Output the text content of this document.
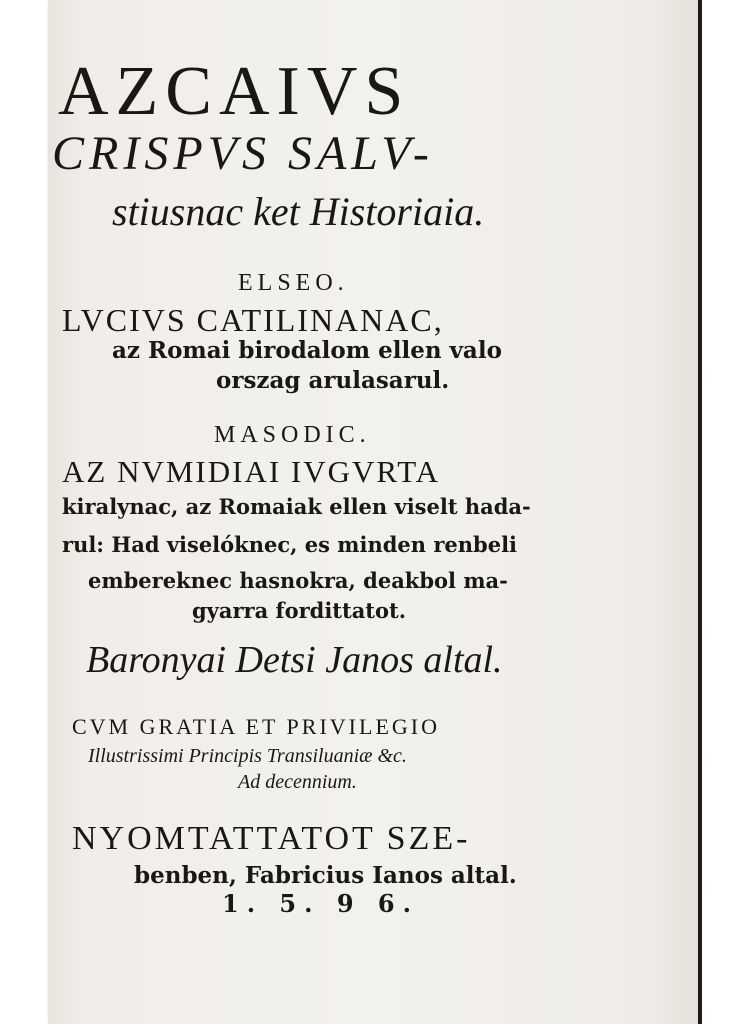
AZCAIVS
CRISPVS SALV-
stiusnac ket Historiaia.
ELSEO.
LVCIVS CATILINANAC,
az Romai birodalom ellen valo
orszag arulasarul.
MASODIC.
AZ NVMIDIAI IVGVRTA
kiralynac, az Romaiak ellen viselt hada-
rul: Had viselóknec, es minden renbeli
embereknec hasnokra, deakbol ma-
gyarra fordittatot.
Baronyai Detsi Janos altal.
CVM GRATIA ET PRIVILEGIO
Illustrissimi Principis Transiluaniæ &c.
Ad decennium.
NYOMTATTATOT SZE-
benben, Fabricius Ianos altal.
1. 5. 9 6.
